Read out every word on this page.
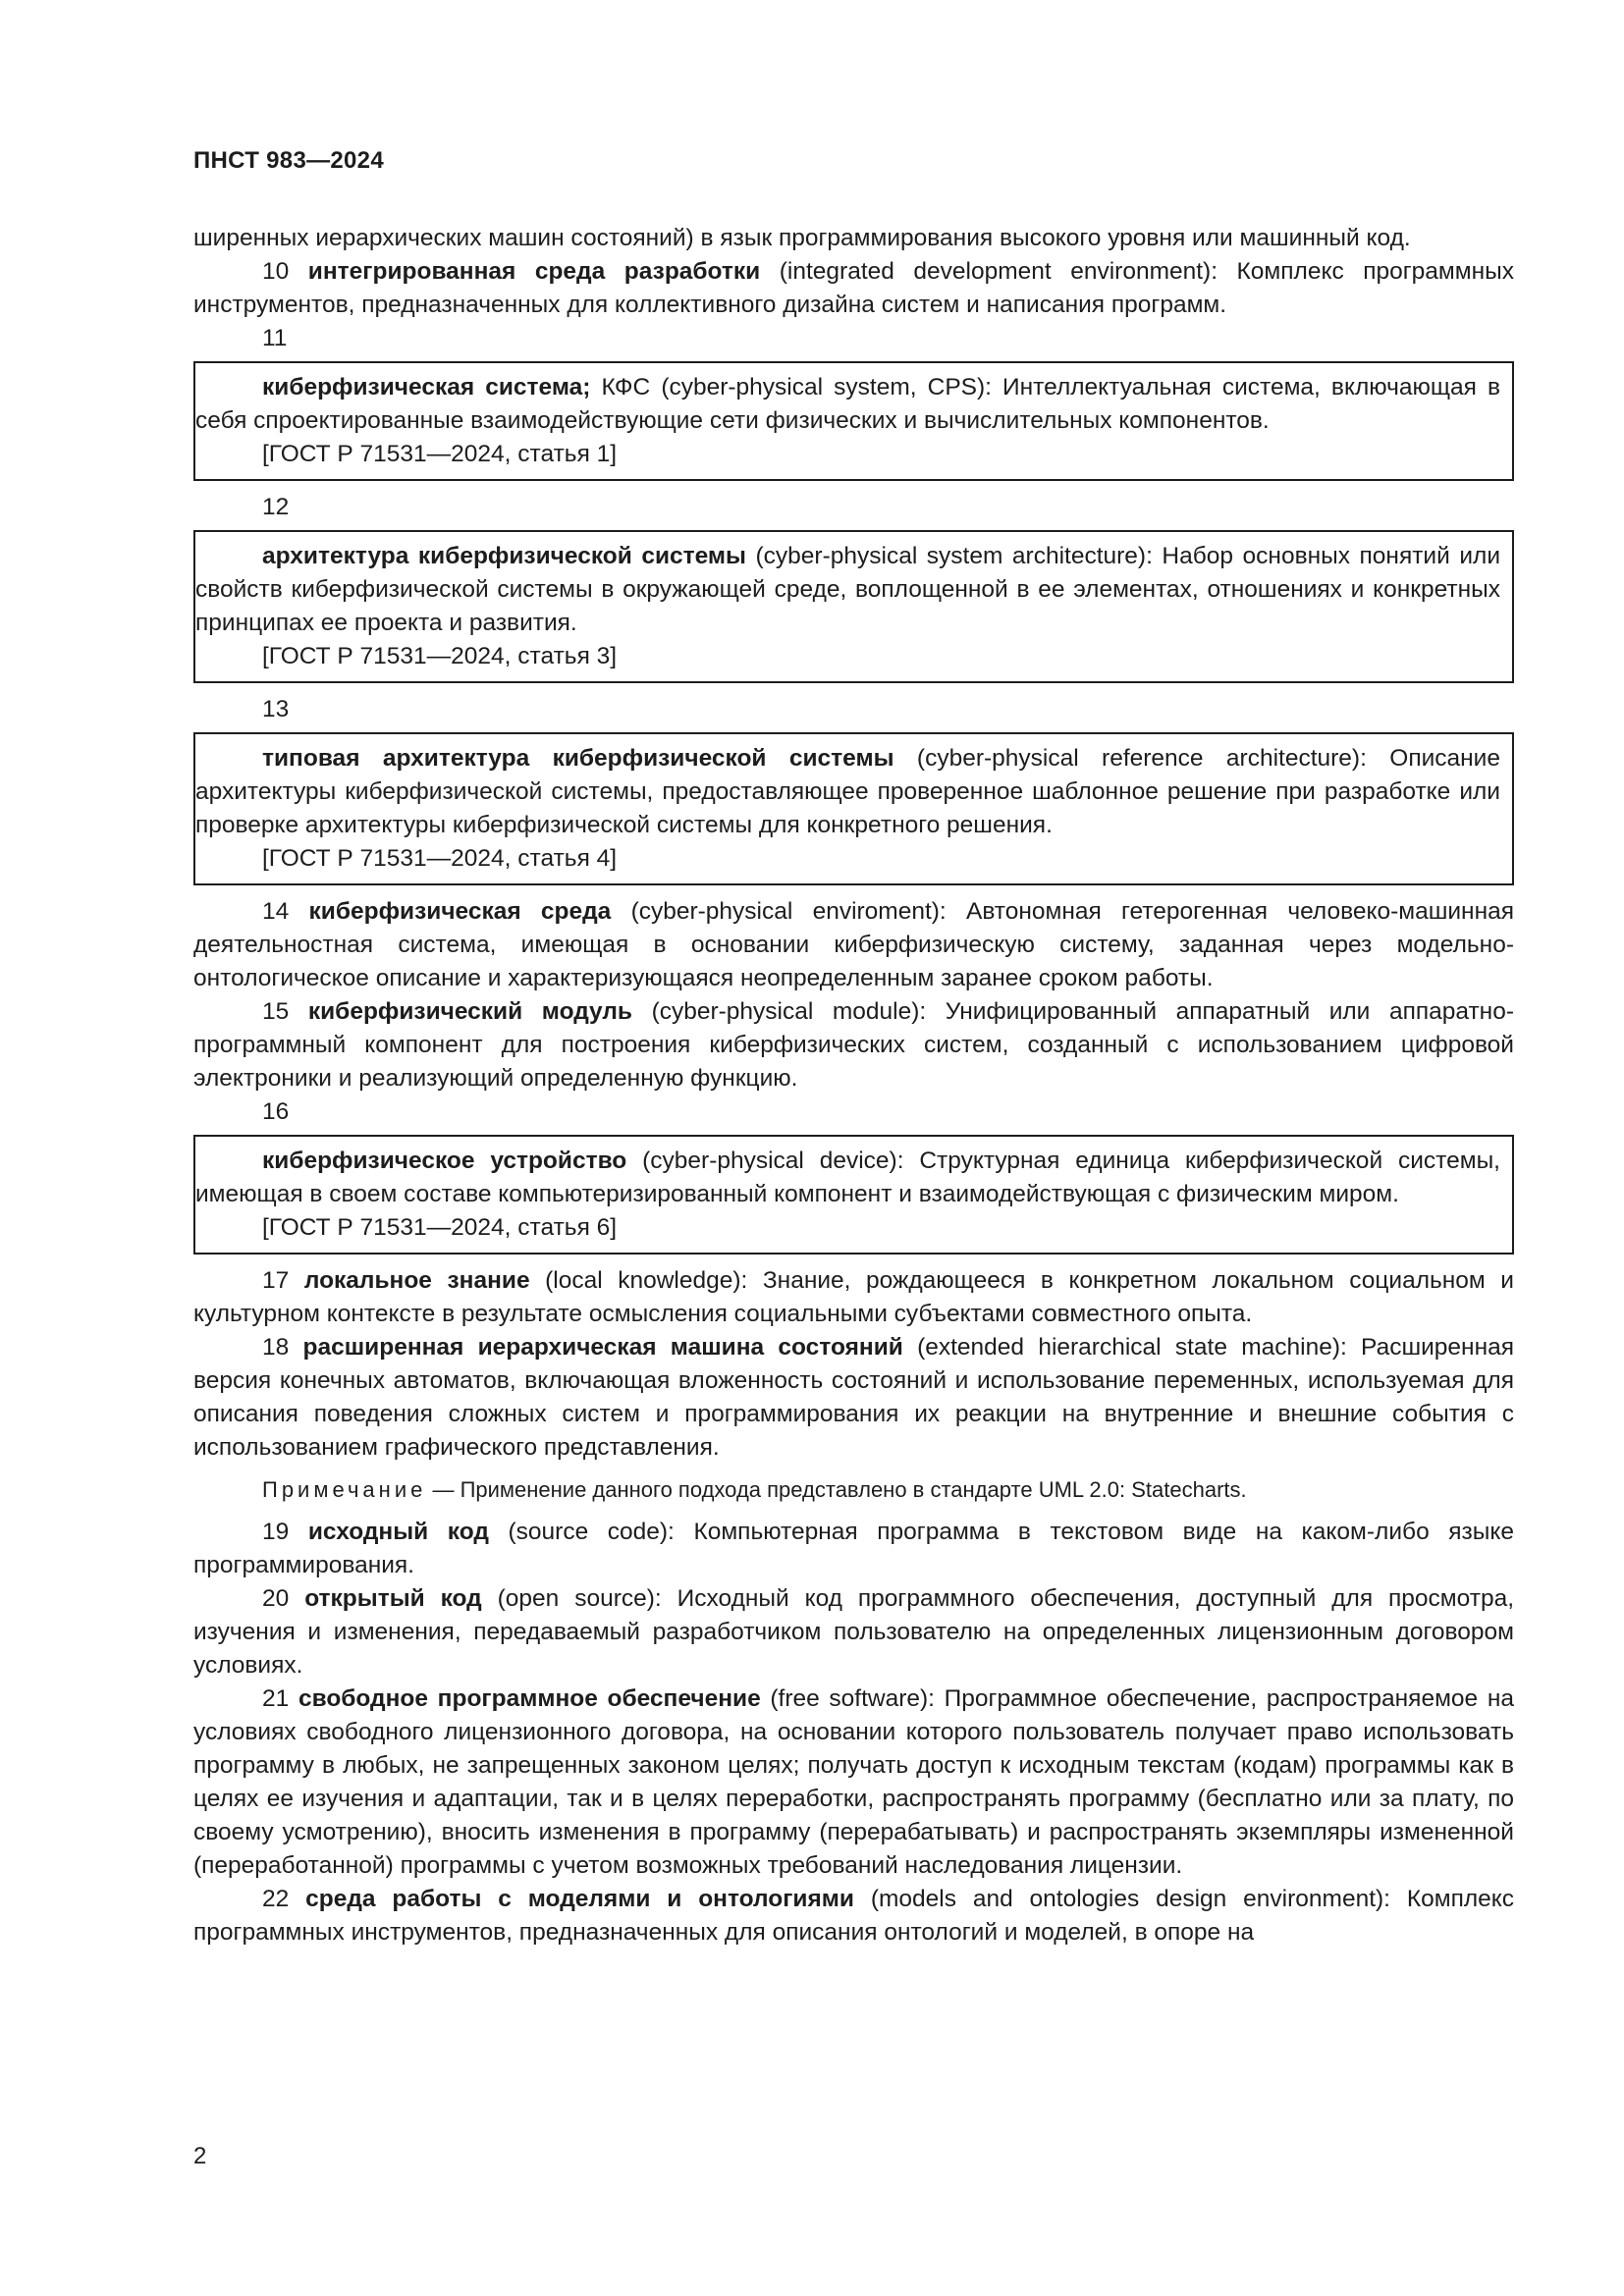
ПНСТ 983—2024

ширенных иерархических машин состояний) в язык программирования высокого уровня или машинный код.

10 интегрированная среда разработки (integrated development environment): Комплекс программных инструментов, предназначенных для коллективного дизайна систем и написания программ.

11

киберфизическая система; КФС (cyber-physical system, CPS): Интеллектуальная система, включающая в себя спроектированные взаимодействующие сети физических и вычислительных компонентов.

[ГОСТ Р 71531—2024, статья 1]

12

архитектура киберфизической системы (cyber-physical system architecture): Набор основных понятий или свойств киберфизической системы в окружающей среде, воплощенной в ее элементах, отношениях и конкретных принципах ее проекта и развития.

[ГОСТ Р 71531—2024, статья 3]

13

типовая архитектура киберфизической системы (cyber-physical reference architecture): Описание архитектуры киберфизической системы, предоставляющее проверенное шаблонное решение при разработке или проверке архитектуры киберфизической системы для конкретного решения.

[ГОСТ Р 71531—2024, статья 4]

14 киберфизическая среда (cyber-physical enviroment): Автономная гетерогенная человеко-машинная деятельностная система, имеющая в основании киберфизическую систему, заданная через модельно-онтологическое описание и характеризующаяся неопределенным заранее сроком работы.

15 киберфизический модуль (cyber-physical module): Унифицированный аппаратный или аппаратно-программный компонент для построения киберфизических систем, созданный с использованием цифровой электроники и реализующий определенную функцию.

16

киберфизическое устройство (cyber-physical device): Структурная единица киберфизической системы, имеющая в своем составе компьютеризированный компонент и взаимодействующая с физическим миром.

[ГОСТ Р 71531—2024, статья 6]

17 локальное знание (local knowledge): Знание, рождающееся в конкретном локальном социальном и культурном контексте в результате осмысления социальными субъектами совместного опыта.

18 расширенная иерархическая машина состояний (extended hierarchical state machine): Расширенная версия конечных автоматов, включающая вложенность состояний и использование переменных, используемая для описания поведения сложных систем и программирования их реакции на внутренние и внешние события с использованием графического представления.

Примечание — Применение данного подхода представлено в стандарте UML 2.0: Statecharts.

19 исходный код (source code): Компьютерная программа в текстовом виде на каком-либо языке программирования.

20 открытый код (open source): Исходный код программного обеспечения, доступный для просмотра, изучения и изменения, передаваемый разработчиком пользователю на определенных лицензионным договором условиях.

21 свободное программное обеспечение (free software): Программное обеспечение, распространяемое на условиях свободного лицензионного договора, на основании которого пользователь получает право использовать программу в любых, не запрещенных законом целях; получать доступ к исходным текстам (кодам) программы как в целях ее изучения и адаптации, так и в целях переработки, распространять программу (бесплатно или за плату, по своему усмотрению), вносить изменения в программу (перерабатывать) и распространять экземпляры измененной (переработанной) программы с учетом возможных требований наследования лицензии.

22 среда работы с моделями и онтологиями (models and ontologies design environment): Комплекс программных инструментов, предназначенных для описания онтологий и моделей, в опоре на

2
